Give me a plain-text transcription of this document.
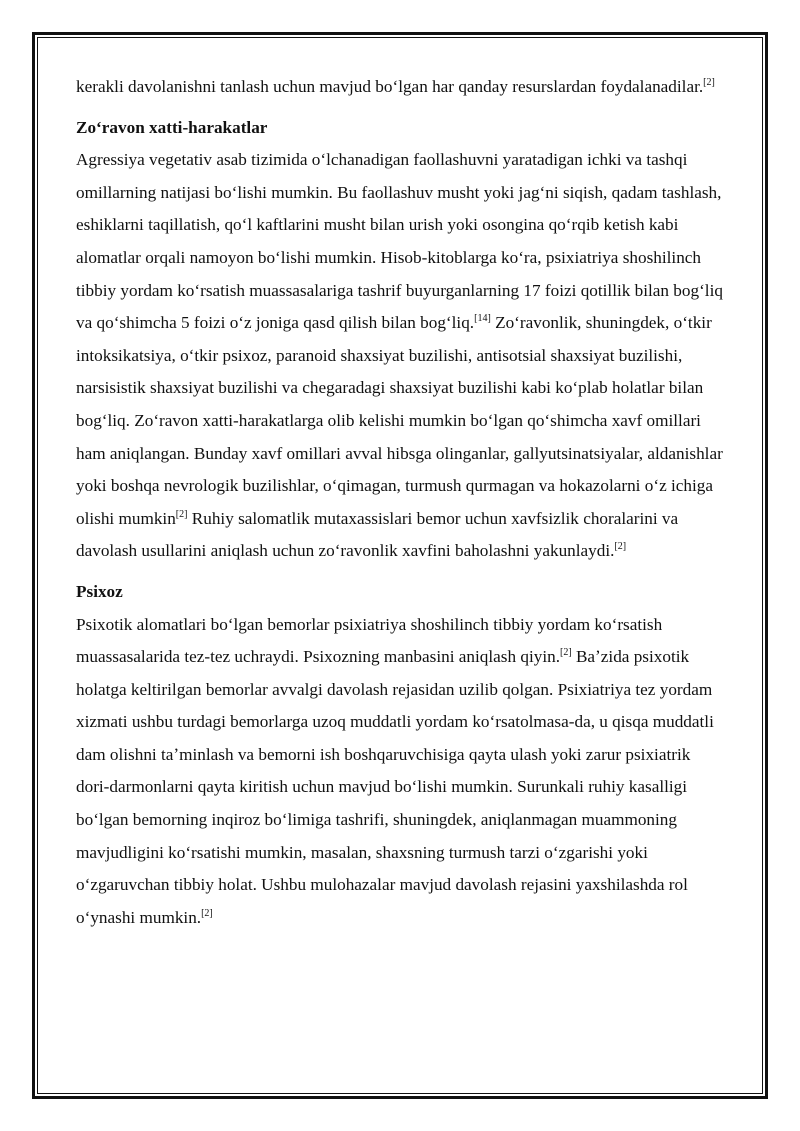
kerakli davolanishni tanlash uchun mavjud boʻlgan har qanday resurslardan foydalanadilar.[2]

Zoʻravon xatti-harakatlar

Agressiya vegetativ asab tizimida oʻlchanadigan faollashuvni yaratadigan ichki va tashqi omillarning natijasi boʻlishi mumkin. Bu faollashuv musht yoki jagʻni siqish, qadam tashlash, eshiklarni taqillatish, qoʻl kaftlarini musht bilan urish yoki osongina qoʻrqib ketish kabi alomatlar orqali namoyon boʻlishi mumkin. Hisob-kitoblarga koʻra, psixiatriya shoshilinch tibbiy yordam koʻrsatish muassasalariga tashrif buyurganlarning 17 foizi qotillik bilan bogʻliq va qoʻshimcha 5 foizi oʻz joniga qasd qilish bilan bogʻliq.[14] Zoʻravonlik, shuningdek, oʻtkir intoksikatsiya, oʻtkir psixoz, paranoid shaxsiyat buzilishi, antisotsial shaxsiyat buzilishi, narsisistik shaxsiyat buzilishi va chegaradagi shaxsiyat buzilishi kabi koʻplab holatlar bilan bogʻliq. Zoʻravon xatti-harakatlarga olib kelishi mumkin boʻlgan qoʻshimcha xavf omillari ham aniqlangan. Bunday xavf omillari avval hibsga olinganlar, gallyutsinatsiyalar, aldanishlar yoki boshqa nevrologik buzilishlar, oʻqimagan, turmush qurmagan va hokazolarni oʻz ichiga olishi mumkin[2] Ruhiy salomatlik mutaxassislari bemor uchun xavfsizlik choralarini va davolash usullarini aniqlash uchun zoʻravonlik xavfini baholashni yakunlaydi.[2]

Psixoz

Psixotik alomatlari boʻlgan bemorlar psixiatriya shoshilinch tibbiy yordam koʻrsatish muassasalarida tez-tez uchraydi. Psixozning manbasini aniqlash qiyin.[2] Baʼzida psixotik holatga keltirilgan bemorlar avvalgi davolash rejasidan uzilib qolgan. Psixiatriya tez yordam xizmati ushbu turdagi bemorlarga uzoq muddatli yordam koʻrsatolmasa-da, u qisqa muddatli dam olishni taʼminlash va bemorni ish boshqaruvchisiga qayta ulash yoki zarur psixiatrik dori-darmonlarni qayta kiritish uchun mavjud boʻlishi mumkin. Surunkali ruhiy kasalligi boʻlgan bemorning inqiroz boʻlimiga tashrifi, shuningdek, aniqlanmagan muammoning mavjudligini koʻrsatishi mumkin, masalan, shaxsning turmush tarzi oʻzgarishi yoki oʻzgaruvchan tibbiy holat. Ushbu mulohazalar mavjud davolash rejasini yaxshilashda rol oʻynashi mumkin.[2]
